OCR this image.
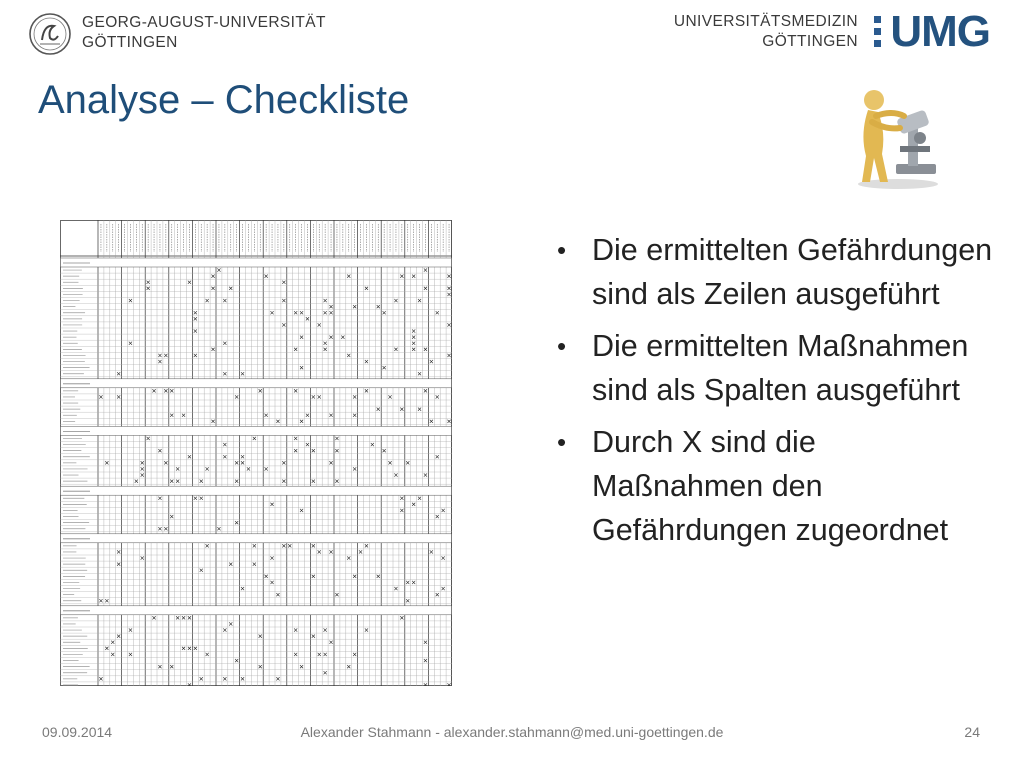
GEORG-AUGUST-UNIVERSITÄT
GÖTTINGEN
UNIVERSITÄTSMEDIZIN
GÖTTINGEN UMG
Analyse – Checkliste
• Die ermittelten Gefährdungen sind als Zeilen ausgeführt
• Die ermittelten Maßnahmen sind als Spalten ausgeführt
• Durch X sind die Maßnahmen den Gefährdungen zugeordnet
09.09.2014	Alexander Stahmann - alexander.stahmann@med.uni-goettingen.de	24
